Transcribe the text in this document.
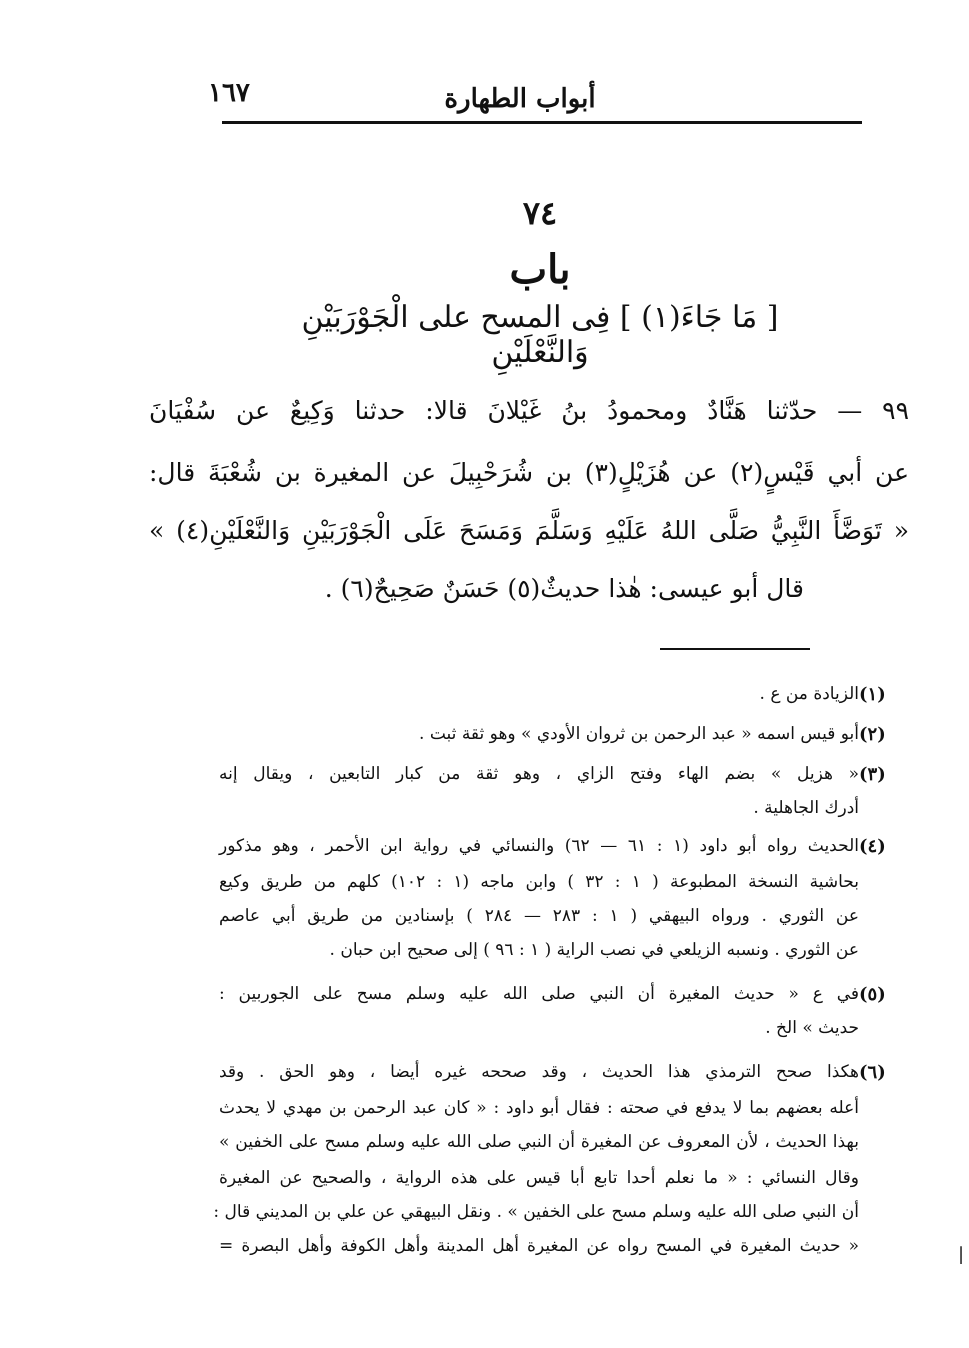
١٦٧	أبواب الطهارة
٧٤
باب
[ مَا جَاءَ(١) ] فِى المسح على الْجَوْرَبَيْنِ وَالنَّعْلَيْنِ
٩٩ — حدّثنا هَنَّادٌ ومحمودُ بنُ غَيْلانَ قالا: حدثنا وَكِيعٌ عن سُفْيَانَ
عن أبي قَيْسٍ(٢) عن هُزَيْلٍ(٣) بن شُرَحْبِيلَ عن المغيرة بن شُعْبَةَ قال:
« تَوَضَّأَ النَّبِيُّ صَلَّى اللهُ عَلَيْهِ وَسَلَّمَ وَمَسَحَ عَلَى الْجَوْرَبَيْنِ وَالنَّعْلَيْنِ(٤) »
قال أبو عيسى: هٰذا حديثٌ(٥) حَسَنٌ صَحِيحٌ(٦) .
(١)
الزيادة من ع .
(٢)
أبو قيس اسمه « عبد الرحمن بن ثروان الأودي » وهو ثقة ثبت .
(٣)
« هزيل » بضم الهاء وفتح الزاي ، وهو ثقة من كبار التابعين ، ويقال إنه
أدرك الجاهلية .
(٤)
الحديث رواه أبو داود (١ : ٦١ — ٦٢) والنسائي في رواية ابن الأحمر ، وهو مذكور
بحاشية النسخة المطبوعة ( ١ : ٣٢ ) وابن ماجه (١ : ١٠٢) كلهم من طريق وكيع
عن الثوري . ورواه البيهقي ( ١ : ٢٨٣ — ٢٨٤ ) بإسنادين من طريق أبي عاصم
عن الثوري . ونسبه الزيلعي في نصب الراية ( ١ : ٩٦ ) إلى صحيح ابن حبان .
(٥)
في ع « حديث المغيرة أن النبي صلى الله عليه وسلم مسح على الجوربين :
حديث » الخ .
(٦)
هكذا صحح الترمذي هذا الحديث ، وقد صححه غيره أيضا ، وهو الحق . وقد
أعله بعضهم بما لا يدفع في صحته : فقال أبو داود : « كان عبد الرحمن بن مهدي لا يحدث
بهذا الحديث ، لأن المعروف عن المغيرة أن النبي صلى الله عليه وسلم مسح على الخفين »
وقال النسائي : « ما نعلم أحدا تابع أبا قيس على هذه الرواية ، والصحيح عن المغيرة
أن النبي صلى الله عليه وسلم مسح على الخفين » . ونقل البيهقي عن علي بن المديني قال :
« حديث المغيرة في المسح رواه عن المغيرة أهل المدينة وأهل الكوفة وأهل البصرة =	|
